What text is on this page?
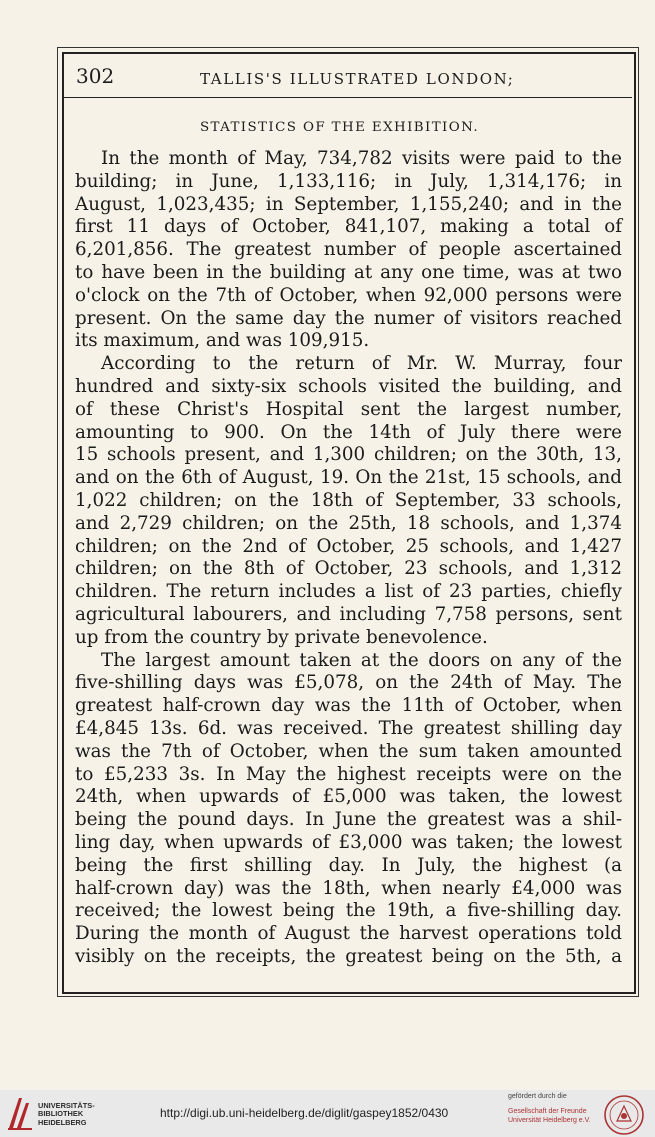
302	TALLIS'S ILLUSTRATED LONDON;
STATISTICS OF THE EXHIBITION.
In the month of May, 734,782 visits were paid to the
building; in June, 1,133,116; in July, 1,314,176; in
August, 1,023,435; in September, 1,155,240; and in the
first 11 days of October, 841,107, making a total of
6,201,856. The greatest number of people ascertained
to have been in the building at any one time, was at two
o'clock on the 7th of October, when 92,000 persons were
present. On the same day the numer of visitors reached
its maximum, and was 109,915.
According to the return of Mr. W. Murray, four
hundred and sixty-six schools visited the building, and
of these Christ's Hospital sent the largest number,
amounting to 900. On the 14th of July there were
15 schools present, and 1,300 children; on the 30th, 13,
and on the 6th of August, 19. On the 21st, 15 schools, and
1,022 children; on the 18th of September, 33 schools,
and 2,729 children; on the 25th, 18 schools, and 1,374
children; on the 2nd of October, 25 schools, and 1,427
children; on the 8th of October, 23 schools, and 1,312
children. The return includes a list of 23 parties, chiefly
agricultural labourers, and including 7,758 persons, sent
up from the country by private benevolence.
The largest amount taken at the doors on any of the
five-shilling days was £5,078, on the 24th of May. The
greatest half-crown day was the 11th of October, when
£4,845 13s. 6d. was received. The greatest shilling day
was the 7th of October, when the sum taken amounted
to £5,233 3s. In May the highest receipts were on the
24th, when upwards of £5,000 was taken, the lowest
being the pound days. In June the greatest was a shil-
ling day, when upwards of £3,000 was taken; the lowest
being the first shilling day. In July, the highest (a
half-crown day) was the 18th, when nearly £4,000 was
received; the lowest being the 19th, a five-shilling day.
During the month of August the harvest operations told
visibly on the receipts, the greatest being on the 5th, a
UNIVERSITÄTS-
BIBLIOTHEK
HEIDELBERG
http://digi.ub.uni-heidelberg.de/diglit/gaspey1852/0430
gefördert durch die
Gesellschaft der Freunde
Universität Heidelberg e.V.
